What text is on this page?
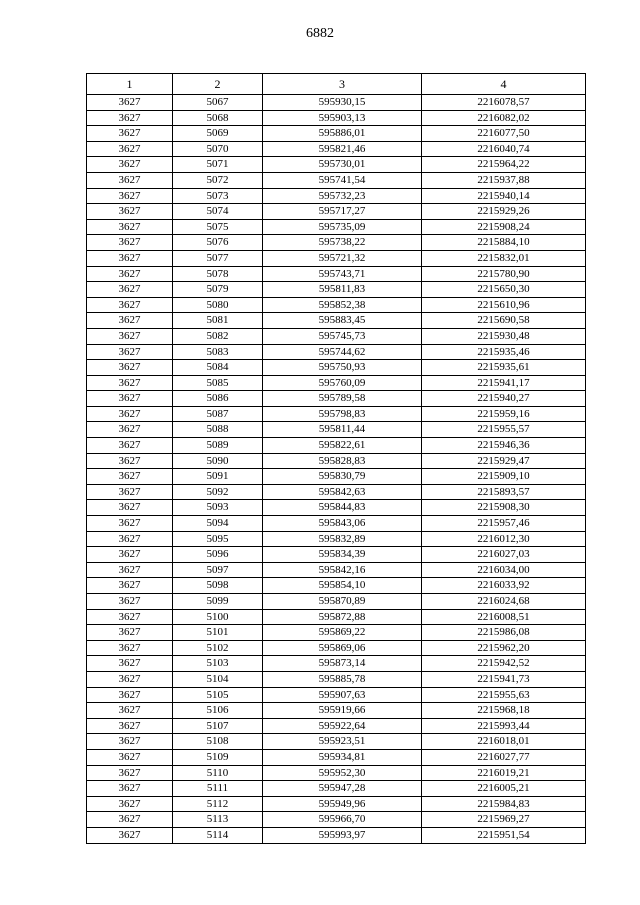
6882
1	2	3	4
3627	5067	595930,15	2216078,57
3627	5068	595903,13	2216082,02
3627	5069	595886,01	2216077,50
3627	5070	595821,46	2216040,74
3627	5071	595730,01	2215964,22
3627	5072	595741,54	2215937,88
3627	5073	595732,23	2215940,14
3627	5074	595717,27	2215929,26
3627	5075	595735,09	2215908,24
3627	5076	595738,22	2215884,10
3627	5077	595721,32	2215832,01
3627	5078	595743,71	2215780,90
3627	5079	595811,83	2215650,30
3627	5080	595852,38	2215610,96
3627	5081	595883,45	2215690,58
3627	5082	595745,73	2215930,48
3627	5083	595744,62	2215935,46
3627	5084	595750,93	2215935,61
3627	5085	595760,09	2215941,17
3627	5086	595789,58	2215940,27
3627	5087	595798,83	2215959,16
3627	5088	595811,44	2215955,57
3627	5089	595822,61	2215946,36
3627	5090	595828,83	2215929,47
3627	5091	595830,79	2215909,10
3627	5092	595842,63	2215893,57
3627	5093	595844,83	2215908,30
3627	5094	595843,06	2215957,46
3627	5095	595832,89	2216012,30
3627	5096	595834,39	2216027,03
3627	5097	595842,16	2216034,00
3627	5098	595854,10	2216033,92
3627	5099	595870,89	2216024,68
3627	5100	595872,88	2216008,51
3627	5101	595869,22	2215986,08
3627	5102	595869,06	2215962,20
3627	5103	595873,14	2215942,52
3627	5104	595885,78	2215941,73
3627	5105	595907,63	2215955,63
3627	5106	595919,66	2215968,18
3627	5107	595922,64	2215993,44
3627	5108	595923,51	2216018,01
3627	5109	595934,81	2216027,77
3627	5110	595952,30	2216019,21
3627	5111	595947,28	2216005,21
3627	5112	595949,96	2215984,83
3627	5113	595966,70	2215969,27
3627	5114	595993,97	2215951,54
